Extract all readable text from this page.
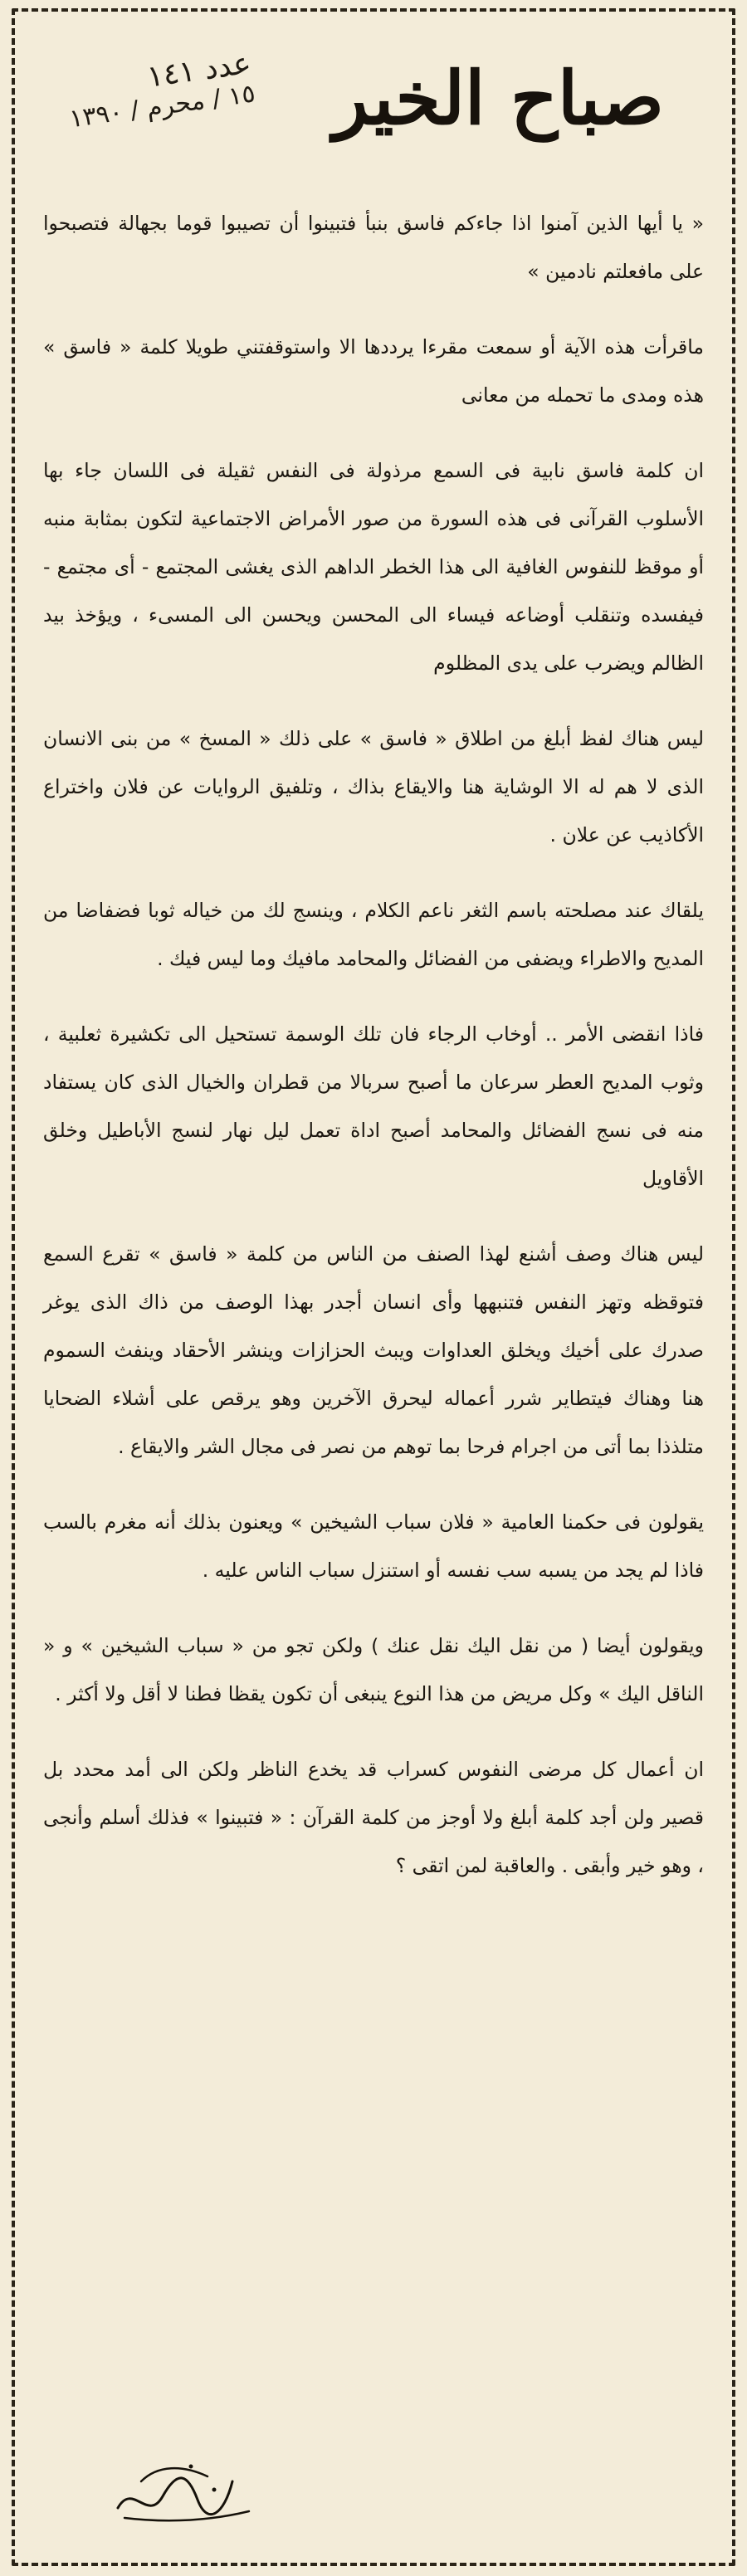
عدد ١٤١
١٥ / محرم / ١٣٩٠ صباح الخير

« يا أيها الذين آمنوا اذا جاءكم فاسق بنبأ فتبينوا أن تصيبوا قوما بجهالة فتصبحوا على مافعلتم نادمين »

ماقرأت هذه الآية أو سمعت مقرءا يرددها الا واستوقفتني طويلا كلمة « فاسق » هذه ومدى ما تحمله من معانى

ان كلمة فاسق نابية فى السمع مرذولة فى النفس ثقيلة فى اللسان جاء بها الأسلوب القرآنى فى هذه السورة من صور الأمراض الاجتماعية لتكون بمثابة منبه أو موقظ للنفوس الغافية الى هذا الخطر الداهم الذى يغشى المجتمع - أى مجتمع - فيفسده وتنقلب أوضاعه فيساء الى المحسن ويحسن الى المسىء ، ويؤخذ بيد الظالم ويضرب على يدى المظلوم

ليس هناك لفظ أبلغ من اطلاق « فاسق » على ذلك « المسخ » من بنى الانسان الذى لا هم له الا الوشاية هنا والايقاع بذاك ، وتلفيق الروايات عن فلان واختراع الأكاذيب عن علان .

يلقاك عند مصلحته باسم الثغر ناعم الكلام ، وينسج لك من خياله ثوبا فضفاضا من المديح والاطراء ويضفى من الفضائل والمحامد مافيك وما ليس فيك .

فاذا انقضى الأمر .. أوخاب الرجاء فان تلك الوسمة تستحيل الى تكشيرة ثعلبية ، وثوب المديح العطر سرعان ما أصبح سربالا من قطران والخيال الذى كان يستفاد منه فى نسج الفضائل والمحامد أصبح اداة تعمل ليل نهار لنسج الأباطيل وخلق الأقاويل

ليس هناك وصف أشنع لهذا الصنف من الناس من كلمة « فاسق » تقرع السمع فتوقظه وتهز النفس فتنبهها وأى انسان أجدر بهذا الوصف من ذاك الذى يوغر صدرك على أخيك ويخلق العداوات ويبث الحزازات وينشر الأحقاد وينفث السموم هنا وهناك فيتطاير شرر أعماله ليحرق الآخرين وهو يرقص على أشلاء الضحايا متلذذا بما أتى من اجرام فرحا بما توهم من نصر فى مجال الشر والايقاع .

يقولون فى حكمنا العامية « فلان سباب الشيخين » ويعنون بذلك أنه مغرم بالسب فاذا لم يجد من يسبه سب نفسه أو استنزل سباب الناس عليه .

ويقولون أيضا ( من نقل اليك نقل عنك ) ولكن تجو من « سباب الشيخين » و « الناقل اليك » وكل مريض من هذا النوع ينبغى أن تكون يقظا فطنا لا أقل ولا أكثر .

ان أعمال كل مرضى النفوس كسراب قد يخدع الناظر ولكن الى أمد محدد بل قصير ولن أجد كلمة أبلغ ولا أوجز من كلمة القرآن : « فتبينوا » فذلك أسلم وأنجى ، وهو خير وأبقى . والعاقبة لمن اتقى ؟
